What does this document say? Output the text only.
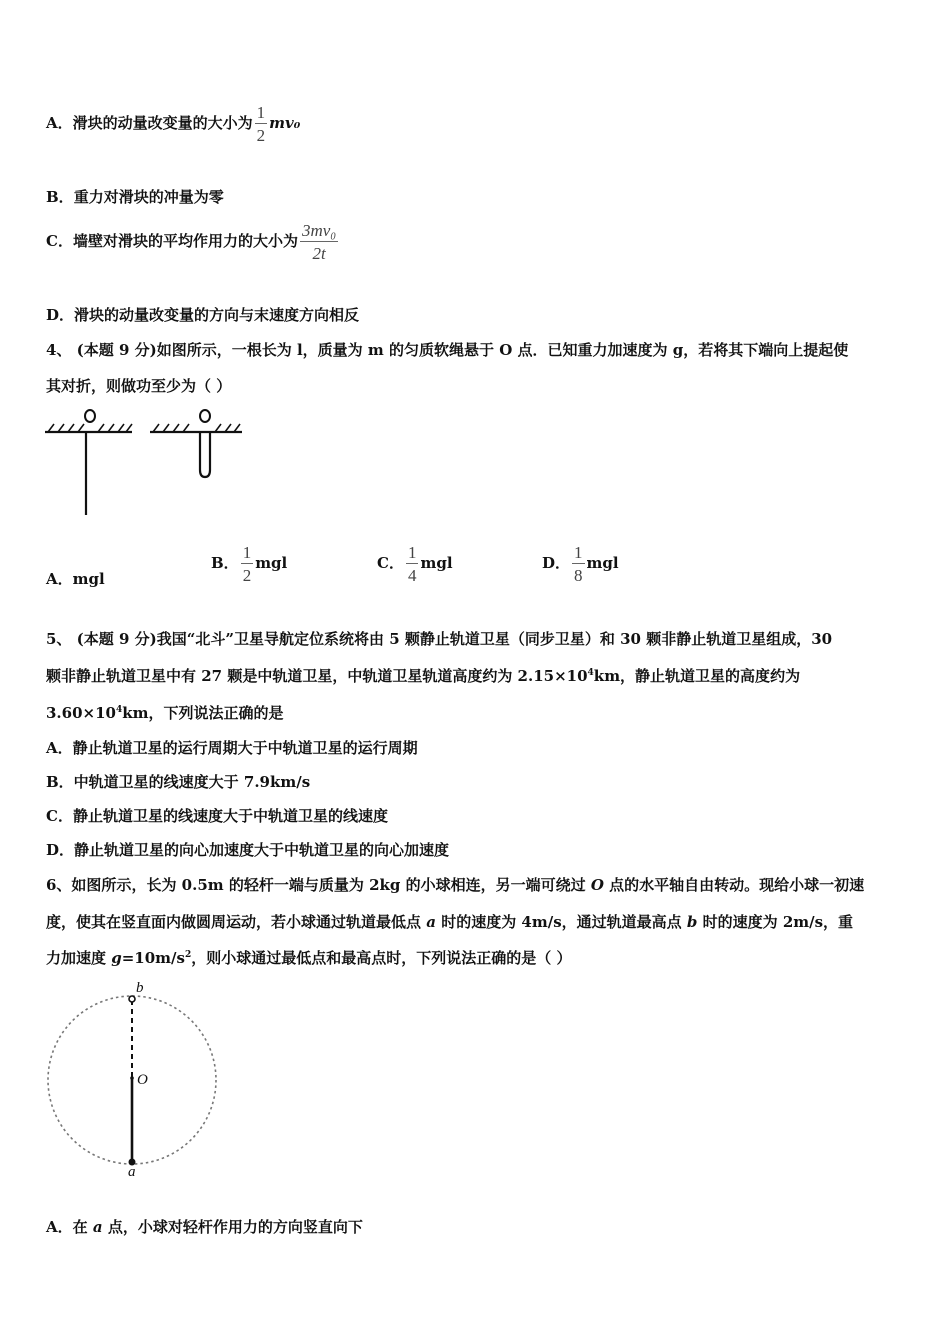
A．滑块的动量改变量的大小为 $\frac{1}{2} mv_0$
B．重力对滑块的冲量为零
C．墙壁对滑块的平均作用力的大小为 $\frac{\text{3mv₀}}{2t}$
D．滑块的动量改变量的方向与末速度方向相反
4、 (本题 9 分)如图所示，一根长为 l，质量为 m 的匀质软绳悬于 O 点．已知重力加速度为 g，若将其下端向上提起使
其对折，则做功至少为（ ）
A．mgl
B． $\frac{1}{2}$ mgl	C． $\frac{1}{4}$ mgl	D． $\frac{1}{8}$ mgl
5、 (本题 9 分)我国“北斗”卫星导航定位系统将由 5 颗静止轨道卫星（同步卫星）和 30 颗非静止轨道卫星组成，30
颗非静止轨道卫星中有 27 颗是中轨道卫星，中轨道卫星轨道高度约为 $2.15\times 10^4km$，静止轨道卫星的高度约为
$3.60\times 10^4km$，下列说法正确的是
A．静止轨道卫星的运行周期大于中轨道卫星的运行周期
B．中轨道卫星的线速度大于 7.9km/s
C．静止轨道卫星的线速度大于中轨道卫星的线速度
D．静止轨道卫星的向心加速度大于中轨道卫星的向心加速度
6、如图所示，长为 0.5m 的轻杆一端与质量为 2kg 的小球相连，另一端可绕过 O 点的水平轴自由转动。现给小球一初速
度，使其在竖直面内做圆周运动，若小球通过轨道最低点 a 时的速度为 4m/s，通过轨道最高点 b 时的速度为 2m/s，重
力加速度 $g=10m/s^2$，则小球通过最低点和最高点时，下列说法正确的是（ ）
b
O
a
A．在 a 点，小球对轻杆作用力的方向竖直向下
